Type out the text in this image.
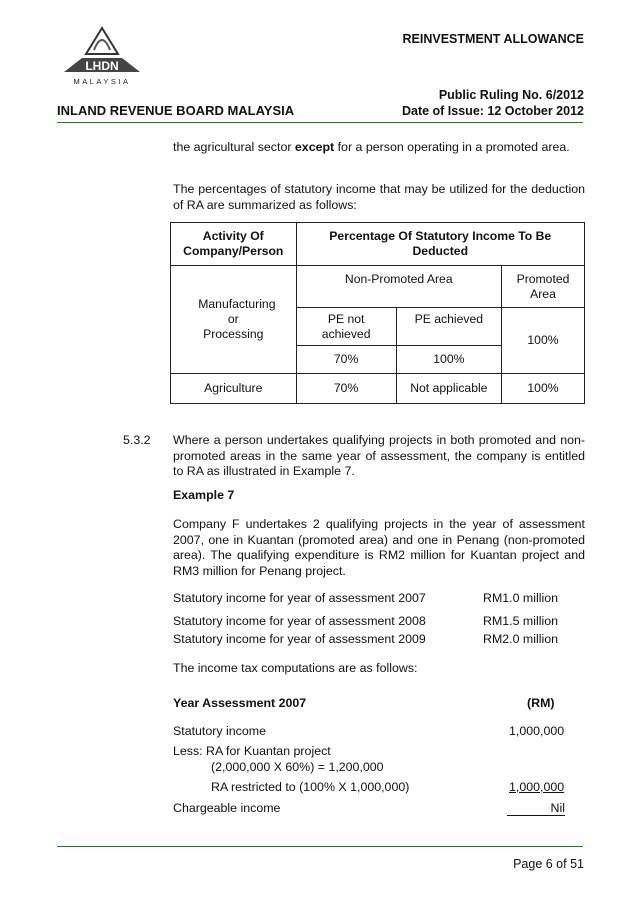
LHDN
MALAYSIA
REINVESTMENT ALLOWANCE
Public Ruling No. 6/2012
Date of Issue: 12 October 2012
INLAND REVENUE BOARD MALAYSIA
the agricultural sector except for a person operating in a promoted area.
The percentages of statutory income that may be utilized for the deduction of RA are summarized as follows:
Activity Of Company/Person	Percentage Of Statutory Income To Be Deducted		

Manufacturing or Processing	Non-Promoted Area		Promoted Area

	PE not achieved	PE achieved	100%
	70%	100%	
Agriculture	70%	Not applicable	100%
5.3.2 Where a person undertakes qualifying projects in both promoted and non-promoted areas in the same year of assessment, the company is entitled to RA as illustrated in Example 7.
Example 7
Company F undertakes 2 qualifying projects in the year of assessment 2007, one in Kuantan (promoted area) and one in Penang (non-promoted area). The qualifying expenditure is RM2 million for Kuantan project and RM3 million for Penang project.
Statutory income for year of assessment 2007	RM1.0 million
Statutory income for year of assessment 2008	RM1.5 million
Statutory income for year of assessment 2009	RM2.0 million
The income tax computations are as follows:
Year Assessment 2007	(RM)
Statutory income	1,000,000
Less: RA for Kuantan project
(2,000,000 X 60%) = 1,200,000
RA restricted to (100% X 1,000,000)	1,000,000
Chargeable income	Nil
Page 6 of 51
